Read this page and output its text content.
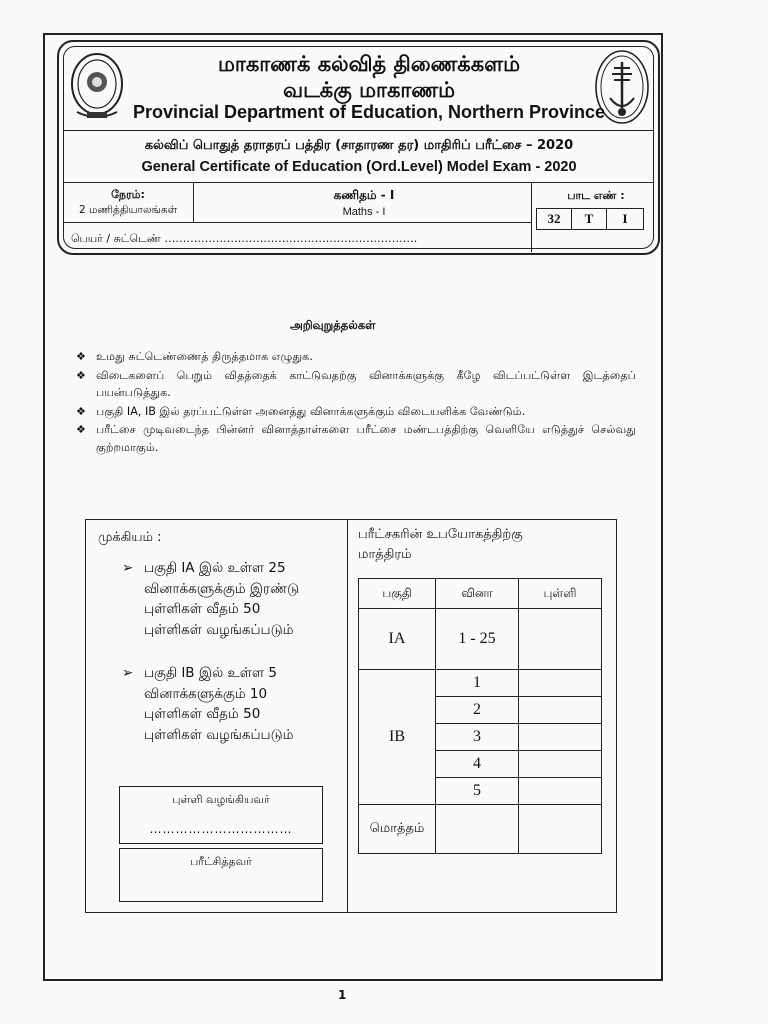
மாகாணக் கல்வித் திணைக்களம்
வடக்கு மாகாணம்
Provincial Department of Education, Northern Province
கல்விப் பொதுத் தராதரப் பத்திர (சாதாரண தர) மாதிரிப் பரீட்சை – 2020
General Certificate of Education (Ord.Level) Model Exam - 2020
நேரம்:
2 மணித்தியாலங்கள்
கணிதம் - I
Maths - I
பாட எண் :
32	T	I
பெயர் / சுட்டெண் ……………………………………………………………
அறிவுறுத்தல்கள்
❖ உமது சுட்டெண்ணைத் திருத்தமாக எழுதுக.
❖ விடைகளைப் பெறும் விதத்தைக் காட்டுவதற்கு வினாக்களுக்கு கீழே விடப்பட்டுள்ள இடத்தைப் பயன்படுத்துக.
❖ பகுதி IA, IB இல் தரப்பட்டுள்ள அனைத்து வினாக்களுக்கும் விடையளிக்க வேண்டும்.
❖ பரீட்சை முடிவடைந்த பின்னர் வினாத்தாள்களை பரீட்சை மண்டபத்திற்கு வெளியே எடுத்துச் செல்வது குற்றமாகும்.
முக்கியம் :
➢ பகுதி IA இல் உள்ள 25 வினாக்களுக்கும் இரண்டு புள்ளிகள் வீதம் 50 புள்ளிகள் வழங்கப்படும்
➢ பகுதி IB இல் உள்ள 5 வினாக்களுக்கும் 10 புள்ளிகள் வீதம் 50 புள்ளிகள் வழங்கப்படும்
புள்ளி வழங்கியவர்
……………………………
பரீட்சித்தவர்
பரீட்சகரின் உபயோகத்திற்கு மாத்திரம்
பகுதி	வினா	புள்ளி
IA	1 - 25	
IB	1	
	2	
	3	
	4	
	5	
மொத்தம்		
1
